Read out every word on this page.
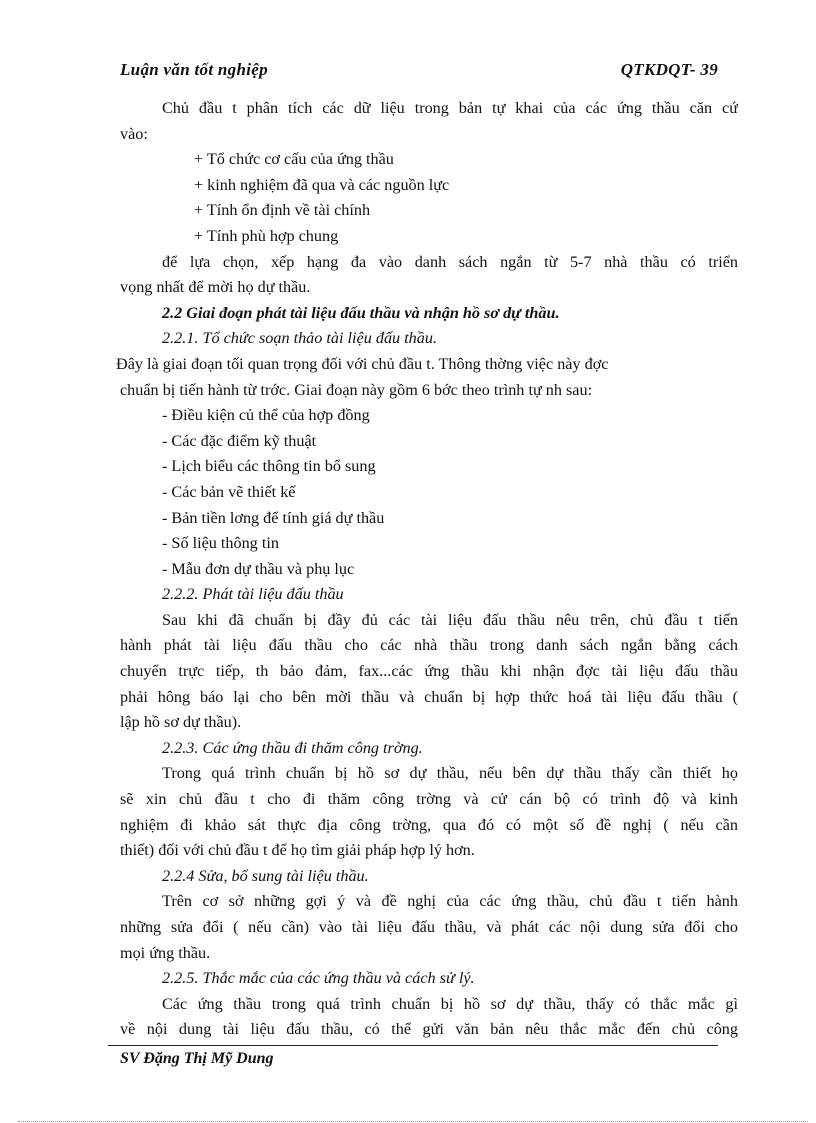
Luận văn tốt nghiệp	QTKDQT- 39
Chủ đầu t phân tích các dữ liệu trong bản tự khai của các ứng thầu căn cứ
vào:
+ Tổ chức cơ cấu của ứng thầu
+ kinh nghiệm đã qua và các nguồn lực
+ Tính ổn định về tài chính
+ Tính phù hợp chung
để lựa chọn, xếp hạng đa vào danh sách ngắn từ 5-7 nhà thầu có triển
vọng nhất để mời họ dự thầu.
2.2 Giai đoạn phát tài liệu đấu thầu và nhận hồ sơ dự thầu.
2.2.1. Tổ chức soạn thảo tài liệu đấu thầu.
Đây là giai đoạn tối quan trọng đối với chủ đầu t. Thông thờng việc này đợc
chuẩn bị tiến hành từ trớc. Giai đoạn này gồm 6 bớc theo trình tự nh sau:
- Điều kiện củ thể của hợp đồng
- Các đặc điểm kỹ thuật
- Lịch biểu các thông tin bổ sung
- Các bản vẽ thiết kế
- Bản tiền lơng để tính giá dự thầu
- Số liệu thông tin
- Mẫu đơn dự thầu và phụ lục
2.2.2. Phát tài liệu đấu thầu
Sau khi đã chuẩn bị đầy đủ các tài liệu đấu thầu nêu trên, chủ đầu t tiến
hành phát tài liệu đấu thầu cho các nhà thầu trong danh sách ngắn bằng cách
chuyển trực tiếp, th bảo đảm, fax...các ứng thầu khi nhận đợc tài liệu đấu thầu
phải hông báo lại cho bên mời thầu và chuẩn bị hợp thức hoá tài liệu đấu thầu (
lập hồ sơ dự thầu).
2.2.3. Các ứng thầu đi thăm công trờng.
Trong quá trình chuẩn bị hồ sơ dự thầu, nếu bên dự thầu thấy cần thiết họ
sẽ xin chủ đầu t cho đi thăm công trờng và cử cán bộ có trình độ và kinh
nghiệm đi khảo sát thực địa công trờng, qua đó có một số đề nghị ( nếu cần
thiết) đối với chủ đầu t để họ tìm giải pháp hợp lý hơn.
2.2.4 Sửa, bổ sung tài liệu thầu.
Trên cơ sở những gợi ý và đề nghị của các ứng thầu, chủ đầu t tiến hành
những sửa đổi ( nếu cần) vào tài liệu đấu thầu, và phát các nội dung sửa đổi cho
mọi ứng thầu.
2.2.5. Thắc mắc của các ứng thầu và cách sử lý.
Các ứng thầu trong quá trình chuẩn bị hồ sơ dự thầu, thấy có thắc mắc gì
về nội dung tài liệu đấu thầu, có thể gửi văn bản nêu thắc mắc đến chủ công
SV Đặng Thị Mỹ Dung
